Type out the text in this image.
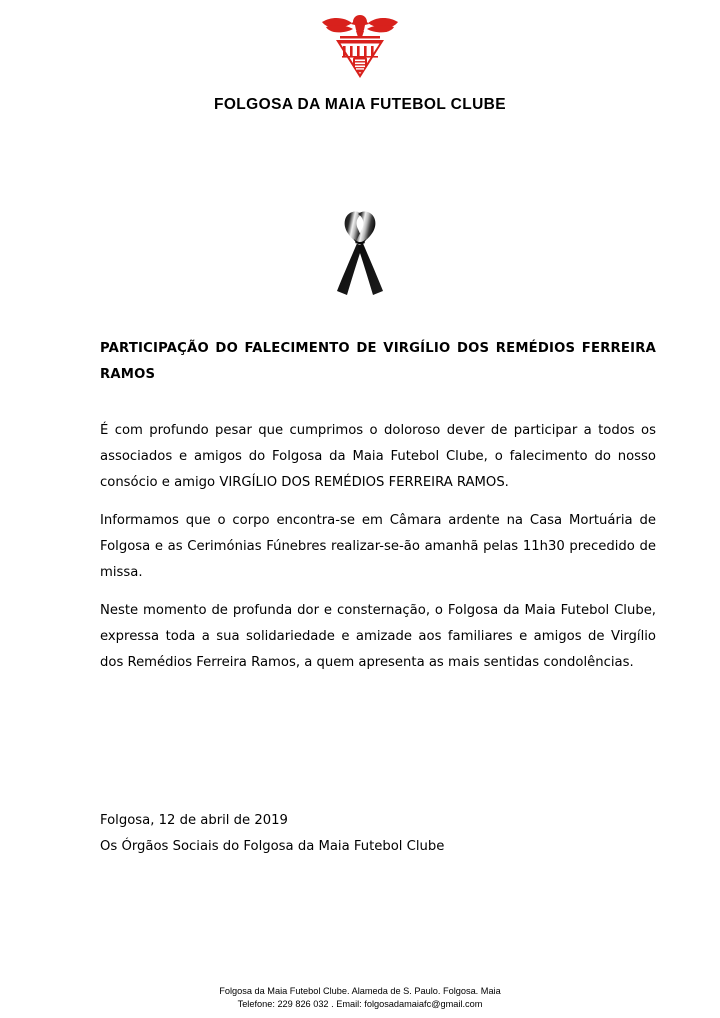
FOLGOSA DA MAIA FUTEBOL CLUBE
PARTICIPAÇÃO DO FALECIMENTO DE VIRGÍLIO DOS REMÉDIOS FERREIRA RAMOS

É com profundo pesar que cumprimos o doloroso dever de participar a todos os associados e amigos do Folgosa da Maia Futebol Clube, o falecimento do nosso consócio e amigo VIRGÍLIO DOS REMÉDIOS FERREIRA RAMOS.

Informamos que o corpo encontra-se em Câmara ardente na Casa Mortuária de Folgosa e as Cerimónias Fúnebres realizar-se-ão amanhã pelas 11h30 precedido de missa.

Neste momento de profunda dor e consternação, o Folgosa da Maia Futebol Clube,  expressa toda a sua solidariedade e amizade aos familiares e amigos de Virgílio dos Remédios Ferreira Ramos, a quem apresenta as mais sentidas condolências.

Folgosa, 12 de abril de 2019
Os Órgãos Sociais do Folgosa da Maia Futebol Clube
Folgosa da Maia Futebol Clube. Alameda de S. Paulo. Folgosa. Maia
Telefone: 229 826 032 . Email: folgosadamaiafc@gmail.com
